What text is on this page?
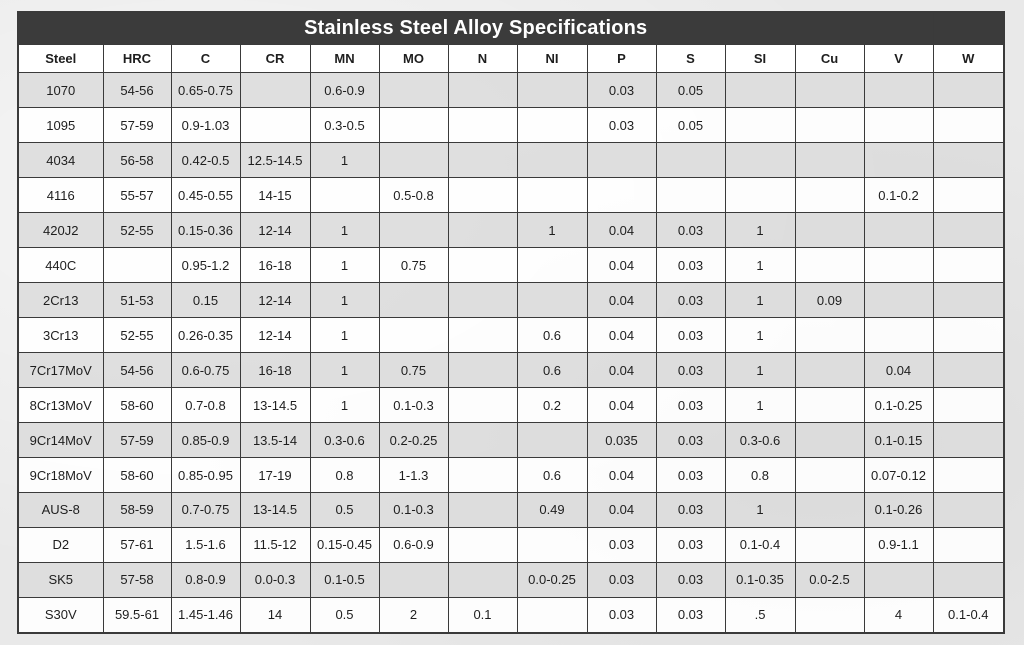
Stainless Steel Alloy Specifications													
Steel	HRC	C	CR	MN	MO	N	NI	P	S	SI	Cu	V	W
1070	54-56	0.65-0.75		0.6-0.9				0.03	0.05				
1095	57-59	0.9-1.03		0.3-0.5				0.03	0.05				
4034	56-58	0.42-0.5	12.5-14.5	1									
4116	55-57	0.45-0.55	14-15		0.5-0.8							0.1-0.2	
420J2	52-55	0.15-0.36	12-14	1			1	0.04	0.03	1			
440C		0.95-1.2	16-18	1	0.75			0.04	0.03	1			
2Cr13	51-53	0.15	12-14	1				0.04	0.03	1	0.09		
3Cr13	52-55	0.26-0.35	12-14	1			0.6	0.04	0.03	1			
7Cr17MoV	54-56	0.6-0.75	16-18	1	0.75		0.6	0.04	0.03	1		0.04	
8Cr13MoV	58-60	0.7-0.8	13-14.5	1	0.1-0.3		0.2	0.04	0.03	1		0.1-0.25	
9Cr14MoV	57-59	0.85-0.9	13.5-14	0.3-0.6	0.2-0.25			0.035	0.03	0.3-0.6		0.1-0.15	
9Cr18MoV	58-60	0.85-0.95	17-19	0.8	1-1.3		0.6	0.04	0.03	0.8		0.07-0.12	
AUS-8	58-59	0.7-0.75	13-14.5	0.5	0.1-0.3		0.49	0.04	0.03	1		0.1-0.26	
D2	57-61	1.5-1.6	11.5-12	0.15-0.45	0.6-0.9			0.03	0.03	0.1-0.4		0.9-1.1	
SK5	57-58	0.8-0.9	0.0-0.3	0.1-0.5			0.0-0.25	0.03	0.03	0.1-0.35	0.0-2.5		
S30V	59.5-61	1.45-1.46	14	0.5	2	0.1		0.03	0.03	.5		4	0.1-0.4
